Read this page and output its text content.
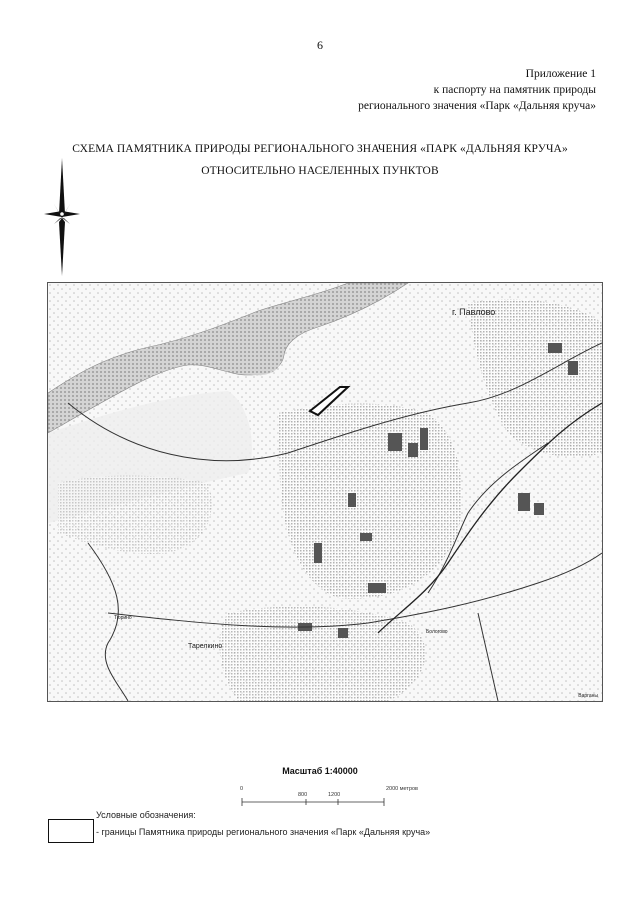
6
Приложение 1
к паспорту на памятник природы
регионального значения «Парк «Дальняя круча»
СХЕМА ПАМЯТНИКА ПРИРОДЫ РЕГИОНАЛЬНОГО ЗНАЧЕНИЯ «ПАРК «ДАЛЬНЯЯ КРУЧА»
ОТНОСИТЕЛЬНО НАСЕЛЕННЫХ ПУНКТОВ
г. Павлово
Тарелкино
Бологово
Тюрино
Варганы
Масштаб 1:40000
0
800	1200
2000 метров
Условные обозначения:
- границы Памятника природы регионального значения «Парк «Дальняя круча»
